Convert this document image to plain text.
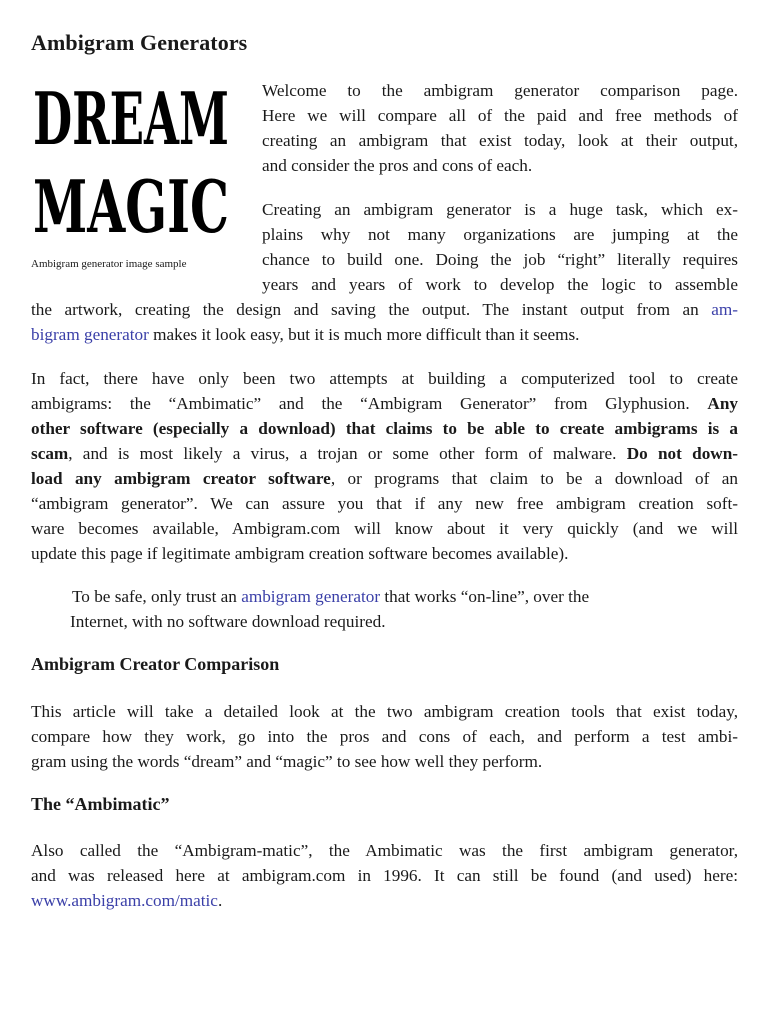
Ambigram Generators
DREAM
MAGIC
Ambigram generator image sample
Welcome to the ambigram generator comparison page.
Here we will compare all of the paid and free methods of
creating an ambigram that exist today, look at their output,
and consider the pros and cons of each.
Creating an ambigram generator is a huge task, which ex-
plains why not many organizations are jumping at the
chance to build one. Doing the job “right” literally requires
years and years of work to develop the logic to assemble
the artwork, creating the design and saving the output. The instant output from an am-
bigram generator makes it look easy, but it is much more difficult than it seems.
In fact, there have only been two attempts at building a computerized tool to create
ambigrams: the “Ambimatic” and the “Ambigram Generator” from Glyphusion. Any
other software (especially a download) that claims to be able to create ambigrams is a
scam, and is most likely a virus, a trojan or some other form of malware. Do not down-
load any ambigram creator software, or programs that claim to be a download of an
“ambigram generator”. We can assure you that if any new free ambigram creation soft-
ware becomes available, Ambigram.com will know about it very quickly (and we will
update this page if legitimate ambigram creation software becomes available).
To be safe, only trust an ambigram generator that works “on-line”, over the
Internet, with no software download required.
Ambigram Creator Comparison
This article will take a detailed look at the two ambigram creation tools that exist today,
compare how they work, go into the pros and cons of each, and perform a test ambi-
gram using the words “dream” and “magic” to see how well they perform.
The “Ambimatic”
Also called the “Ambigram-matic”, the Ambimatic was the first ambigram generator,
and was released here at ambigram.com in 1996. It can still be found (and used) here:
www.ambigram.com/matic.
